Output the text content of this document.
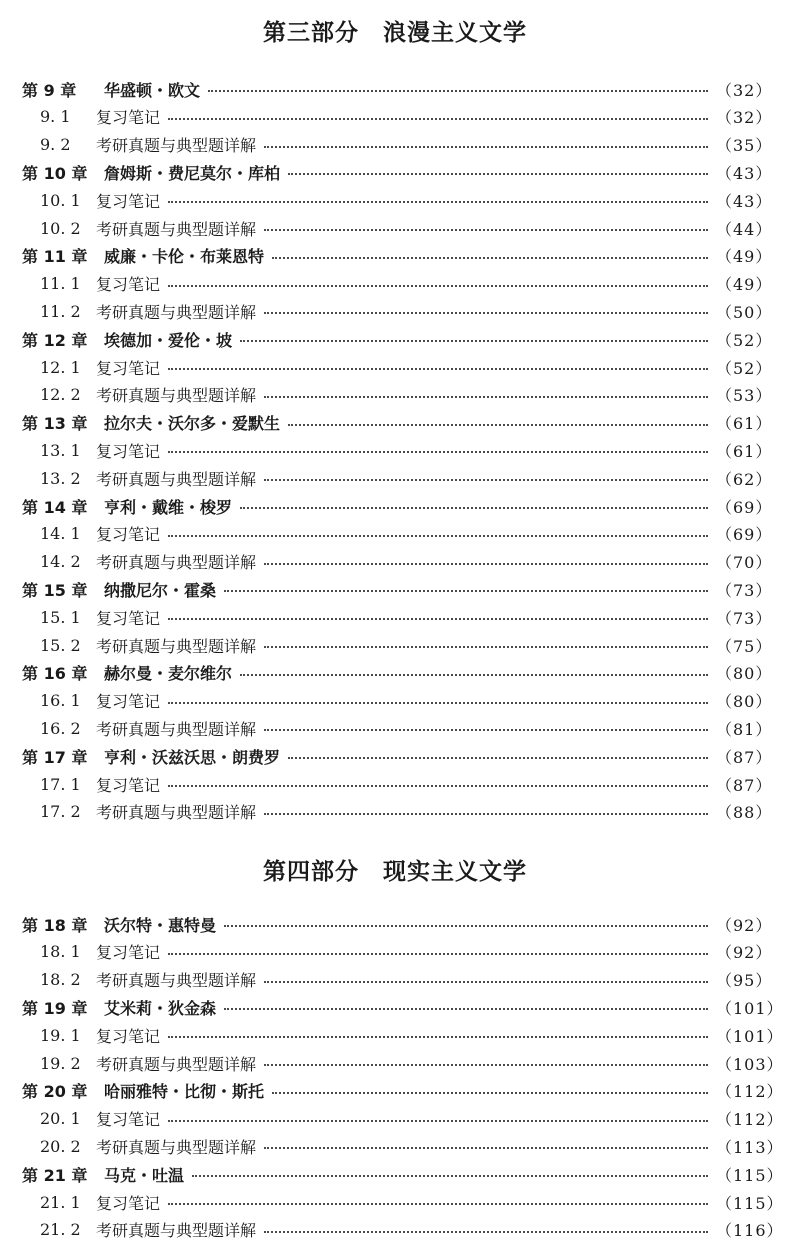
第三部分　浪漫主义文学
第 9 章	华盛顿・欧文	（32）
9. 1	复习笔记	（32）
9. 2	考研真题与典型题详解	（35）
第 10 章	詹姆斯・费尼莫尔・库柏	（43）
10. 1 复习笔记	（43）
10. 2 考研真题与典型题详解	（44）
第 11 章	威廉・卡伦・布莱恩特	（49）
11. 1 复习笔记	（49）
11. 2 考研真题与典型题详解	（50）
第 12 章	埃德加・爱伦・坡	（52）
12. 1 复习笔记	（52）
12. 2 考研真题与典型题详解	（53）
第 13 章	拉尔夫・沃尔多・爱默生	（61）
13. 1 复习笔记	（61）
13. 2 考研真题与典型题详解	（62）
第 14 章	亨利・戴维・梭罗	（69）
14. 1 复习笔记	（69）
14. 2 考研真题与典型题详解	（70）
第 15 章	纳撒尼尔・霍桑	（73）
15. 1 复习笔记	（73）
15. 2 考研真题与典型题详解	（75）
第 16 章	赫尔曼・麦尔维尔	（80）
16. 1 复习笔记	（80）
16. 2 考研真题与典型题详解	（81）
第 17 章	亨利・沃兹沃思・朗费罗	（87）
17. 1 复习笔记	（87）
17. 2 考研真题与典型题详解	（88）
第四部分　现实主义文学
第 18 章	沃尔特・惠特曼	（92）
18. 1 复习笔记	（92）
18. 2 考研真题与典型题详解	（95）
第 19 章	艾米莉・狄金森	（101）
19. 1 复习笔记	（101）
19. 2 考研真题与典型题详解	（103）
第 20 章	哈丽雅特・比彻・斯托	（112）
20. 1 复习笔记	（112）
20. 2 考研真题与典型题详解	（113）
第 21 章	马克・吐温	（115）
21. 1 复习笔记	（115）
21. 2 考研真题与典型题详解	（116）
